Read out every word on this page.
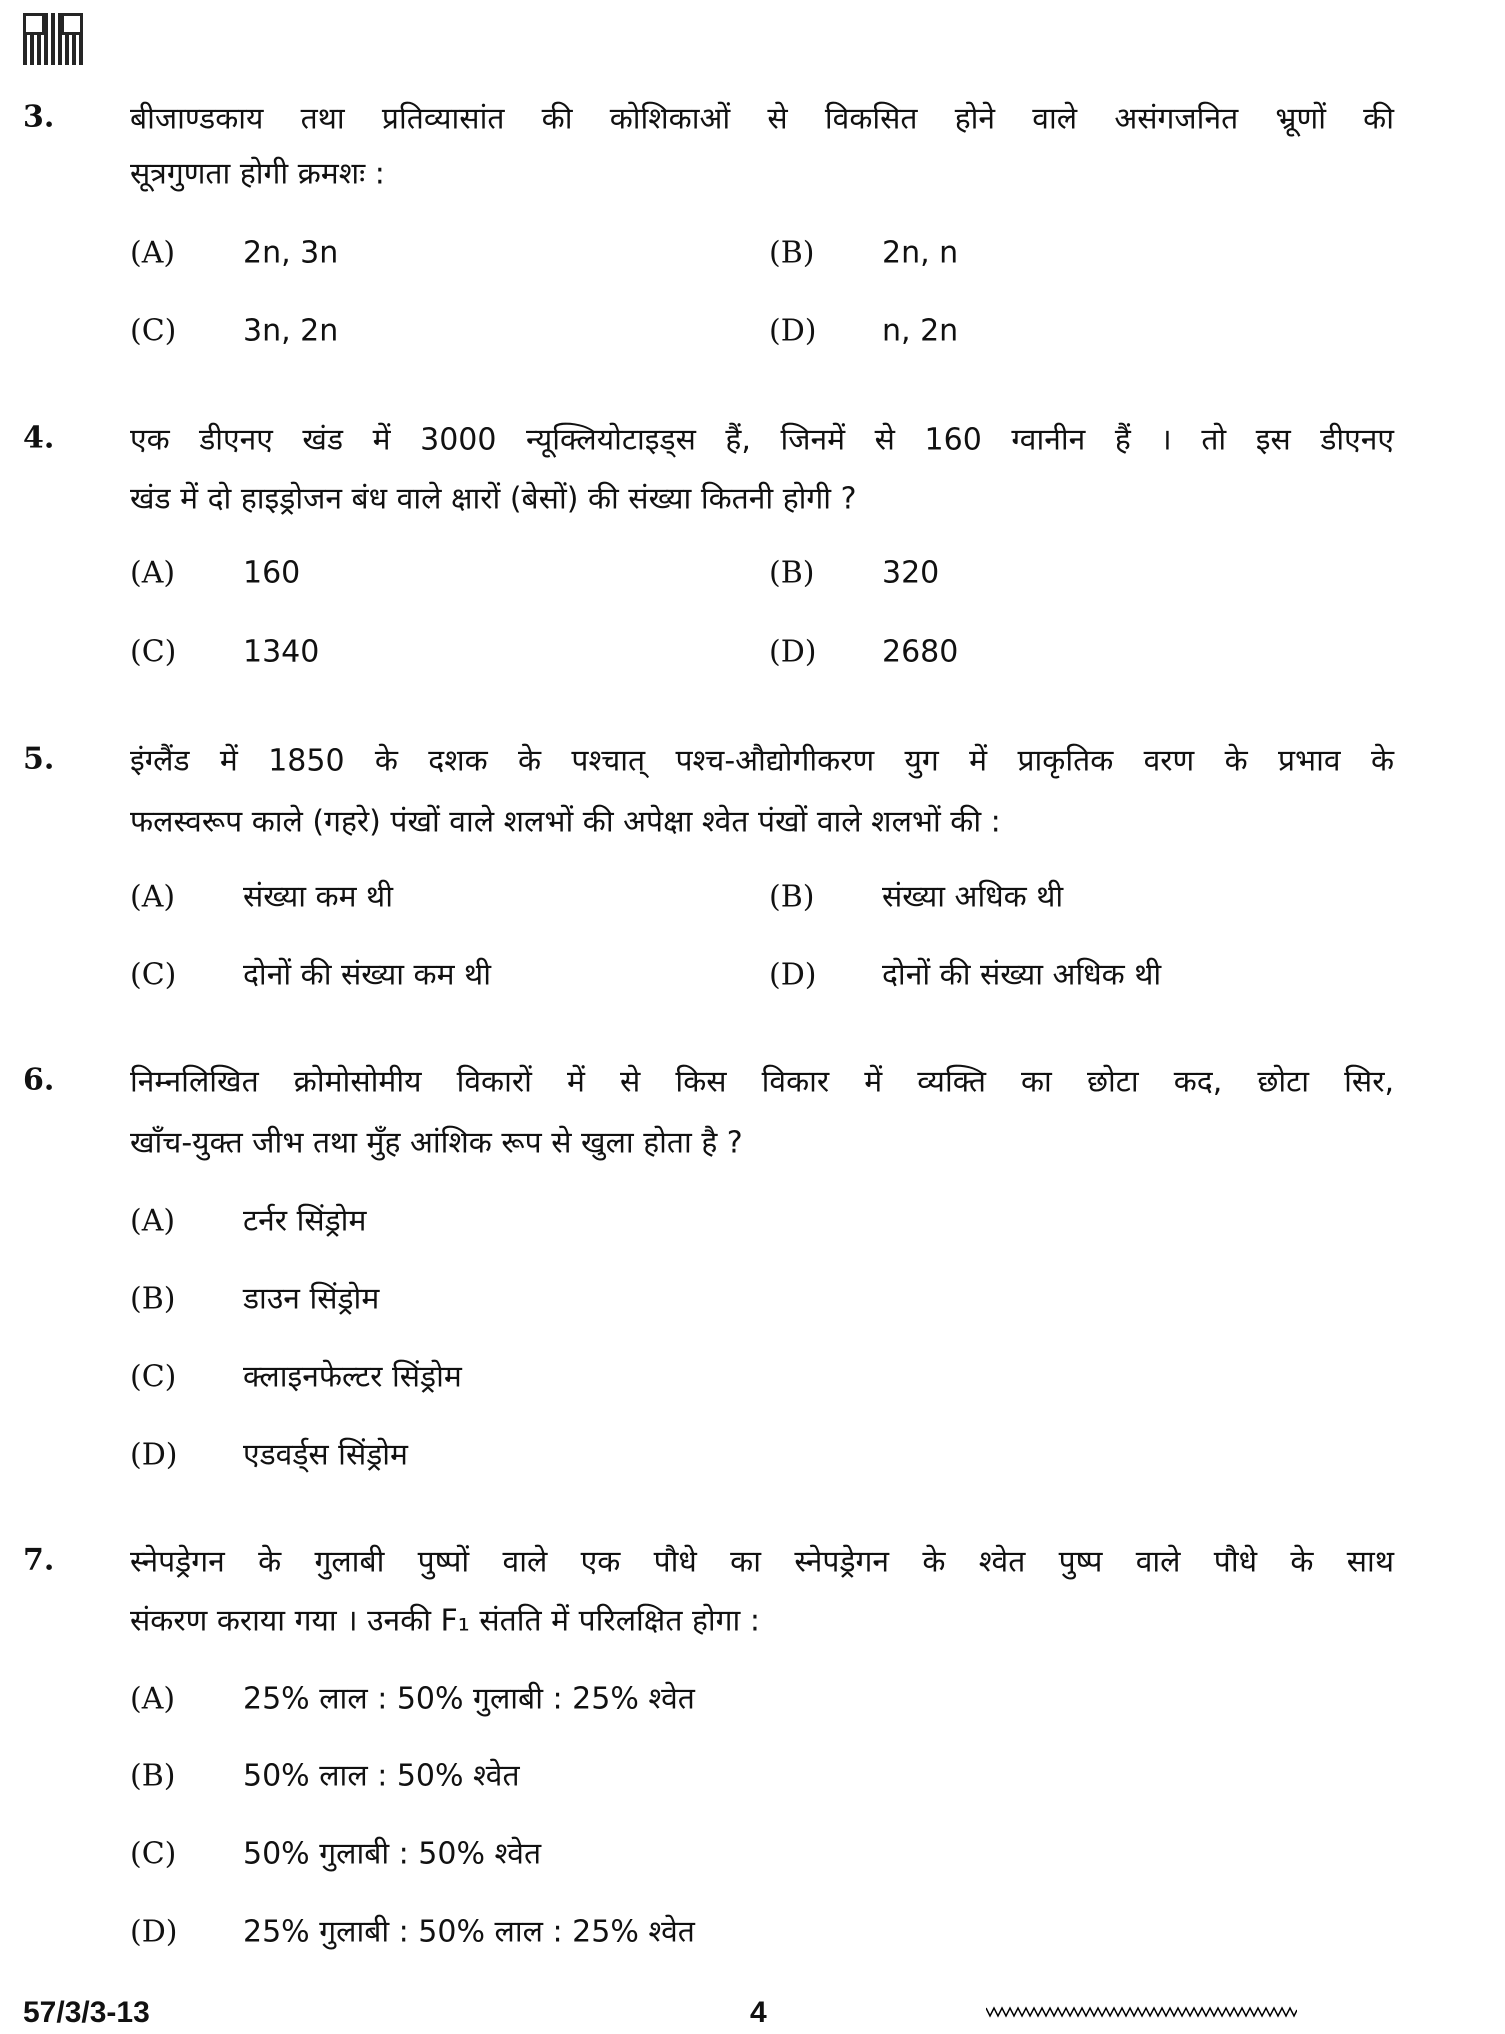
3.	बीजाण्डकाय तथा प्रतिव्यासांत की कोशिकाओं से विकसित होने वाले असंगजनित भ्रूणों की
सूत्रगुणता होगी क्रमशः :
(A) 2n, 3n	(B) 2n, n
(C) 3n, 2n	(D) n, 2n
4.	एक डीएनए खंड में 3000 न्यूक्लियोटाइड्स हैं, जिनमें से 160 ग्वानीन हैं । तो इस डीएनए
खंड में दो हाइड्रोजन बंध वाले क्षारों (बेसों) की संख्या कितनी होगी ?
(A) 160	(B) 320
(C) 1340	(D) 2680
5.	इंग्लैंड में 1850 के दशक के पश्चात् पश्च-औद्योगीकरण युग में प्राकृतिक वरण के प्रभाव के
फलस्वरूप काले (गहरे) पंखों वाले शलभों की अपेक्षा श्वेत पंखों वाले शलभों की :
(A) संख्या कम थी	(B) संख्या अधिक थी
(C) दोनों की संख्या कम थी	(D) दोनों की संख्या अधिक थी
6.	निम्नलिखित क्रोमोसोमीय विकारों में से किस विकार में व्यक्ति का छोटा कद, छोटा सिर,
खाँच-युक्त जीभ तथा मुँह आंशिक रूप से खुला होता है ?
(A) टर्नर सिंड्रोम
(B) डाउन सिंड्रोम
(C) क्लाइनफेल्टर सिंड्रोम
(D) एडवर्ड्स सिंड्रोम
7.	स्नेपड्रेगन के गुलाबी पुष्पों वाले एक पौधे का स्नेपड्रेगन के श्वेत पुष्प वाले पौधे के साथ
संकरण कराया गया । उनकी F₁ संतति में परिलक्षित होगा :
(A) 25% लाल : 50% गुलाबी : 25% श्वेत
(B) 50% लाल : 50% श्वेत
(C) 50% गुलाबी : 50% श्वेत
(D) 25% गुलाबी : 50% लाल : 25% श्वेत
57/3/3-13	4
